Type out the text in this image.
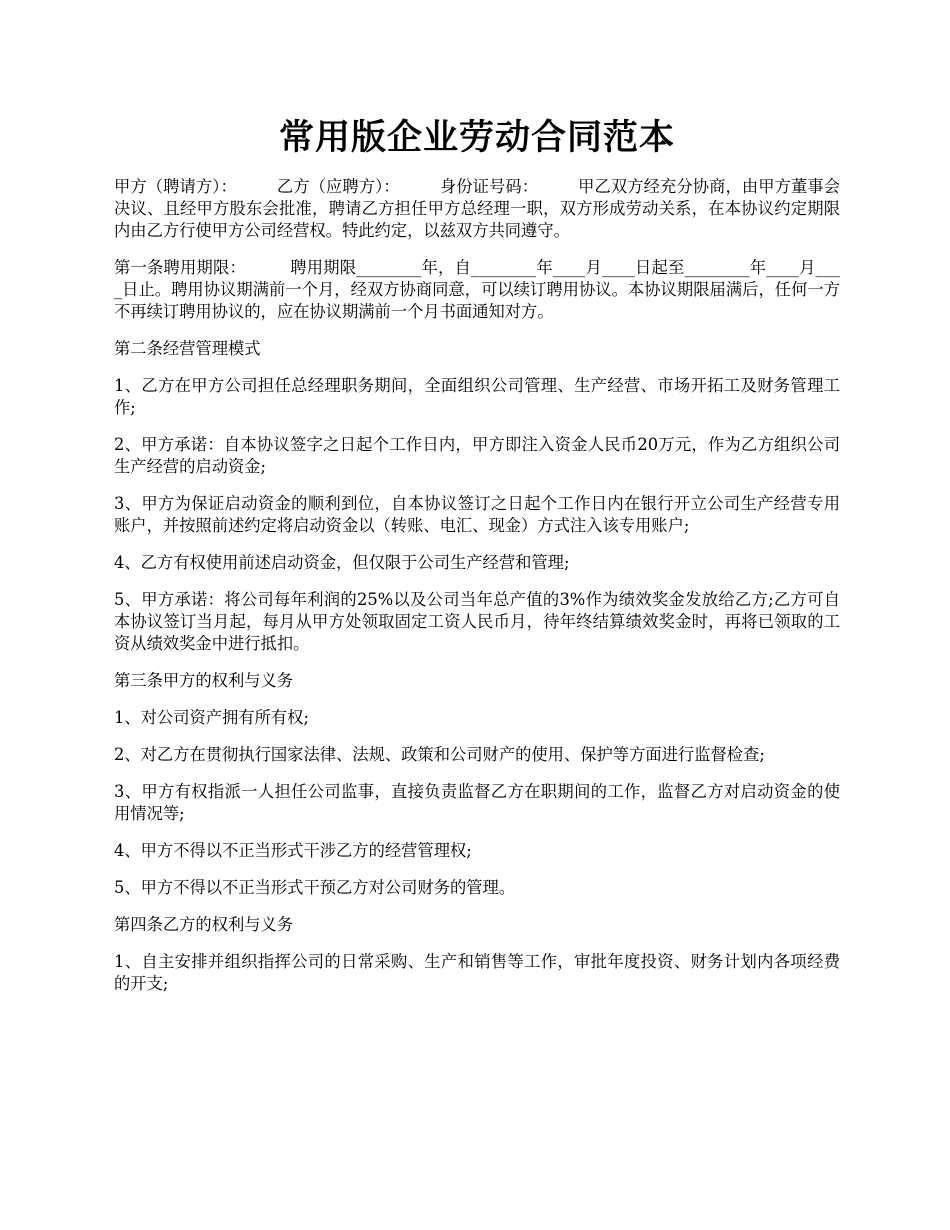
常用版企业劳动合同范本

甲方（聘请方）： 乙方（应聘方）： 身份证号码： 甲乙双方经充分协商，由甲方董事会决议、且经甲方股东会批准，聘请乙方担任甲方总经理一职，双方形成劳动关系，在本协议约定期限内由乙方行使甲方公司经营权。特此约定，以兹双方共同遵守。

第一条聘用期限：	聘用期限________年，自________年____月____日起至________年____月____日止。聘用协议期满前一个月，经双方协商同意，可以续订聘用协议。本协议期限届满后，任何一方不再续订聘用协议的，应在协议期满前一个月书面通知对方。

第二条经营管理模式

1、乙方在甲方公司担任总经理职务期间，全面组织公司管理、生产经营、市场开拓工及财务管理工作;

2、甲方承诺：自本协议签字之日起个工作日内，甲方即注入资金人民币20万元，作为乙方组织公司生产经营的启动资金;

3、甲方为保证启动资金的顺利到位，自本协议签订之日起个工作日内在银行开立公司生产经营专用账户，并按照前述约定将启动资金以（转账、电汇、现金）方式注入该专用账户;

4、乙方有权使用前述启动资金，但仅限于公司生产经营和管理;

5、甲方承诺：将公司每年利润的25%以及公司当年总产值的3%作为绩效奖金发放给乙方;乙方可自本协议签订当月起，每月从甲方处领取固定工资人民币月，待年终结算绩效奖金时，再将已领取的工资从绩效奖金中进行抵扣。

第三条甲方的权利与义务

1、对公司资产拥有所有权;

2、对乙方在贯彻执行国家法律、法规、政策和公司财产的使用、保护等方面进行监督检查;

3、甲方有权指派一人担任公司监事，直接负责监督乙方在职期间的工作，监督乙方对启动资金的使用情况等;

4、甲方不得以不正当形式干涉乙方的经营管理权;

5、甲方不得以不正当形式干预乙方对公司财务的管理。

第四条乙方的权利与义务

1、自主安排并组织指挥公司的日常采购、生产和销售等工作，审批年度投资、财务计划内各项经费的开支;
